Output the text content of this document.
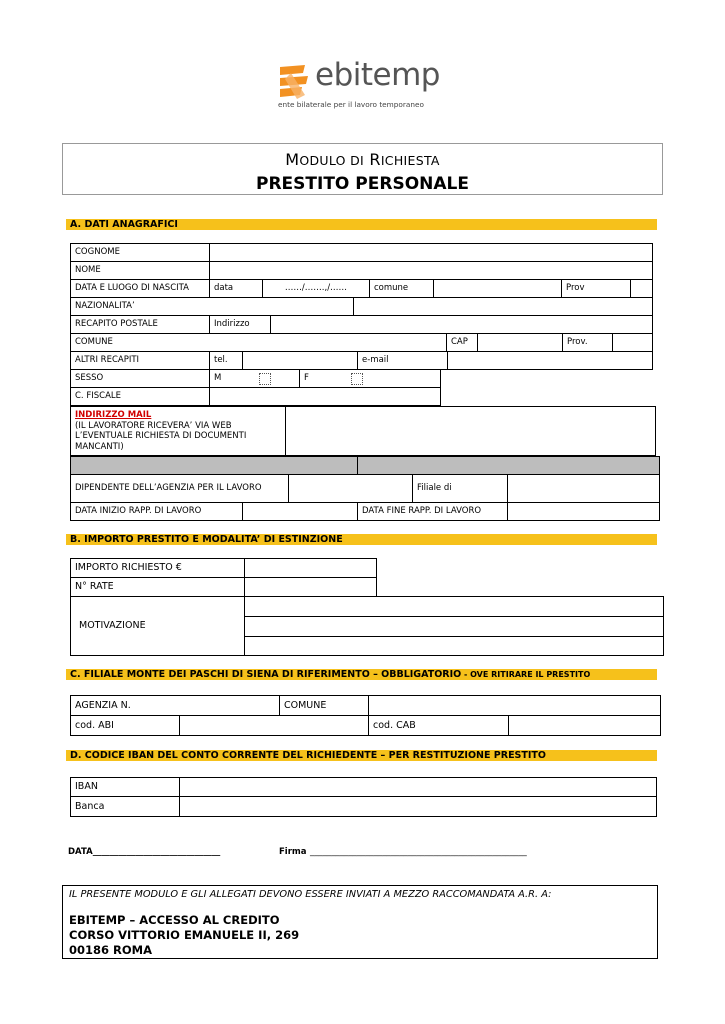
ebitemp
ente bilaterale per il lavoro temporaneo
MODULO DI RICHIESTA
PRESTITO PERSONALE
A. DATI ANAGRAFICI
COGNOME
NOME
DATA E LUOGO DI NASCITA	data	……/…….,/……	comune	Prov
NAZIONALITA’
RECAPITO POSTALE	Indirizzo
COMUNE	CAP	Prov.
ALTRI RECAPITI	tel.	e-mail
SESSO	M	F
C. FISCALE
INDIRIZZO MAIL
(IL LAVORATORE RICEVERA’ VIA WEB L’EVENTUALE RICHIESTA DI DOCUMENTI MANCANTI)
DIPENDENTE DELL’AGENZIA PER IL LAVORO	Filiale di
DATA INIZIO RAPP. DI LAVORO	DATA FINE RAPP. DI LAVORO
B. IMPORTO PRESTITO E MODALITA’ DI ESTINZIONE
IMPORTO RICHIESTO €
N° RATE
MOTIVAZIONE
C. FILIALE MONTE DEI PASCHI DI SIENA DI RIFERIMENTO – OBBLIGATORIO - OVE RITIRARE IL PRESTITO
AGENZIA N.	COMUNE
cod. ABI	cod. CAB
D. CODICE IBAN DEL CONTO CORRENTE DEL RICHIEDENTE – PER RESTITUZIONE PRESTITO
IBAN
Banca
DATA______________________________	Firma ___________________________________________________
IL PRESENTE MODULO E GLI ALLEGATI DEVONO ESSERE INVIATI A MEZZO RACCOMANDATA A.R. A:
EBITEMP – ACCESSO AL CREDITO
CORSO VITTORIO EMANUELE II, 269
00186 ROMA
